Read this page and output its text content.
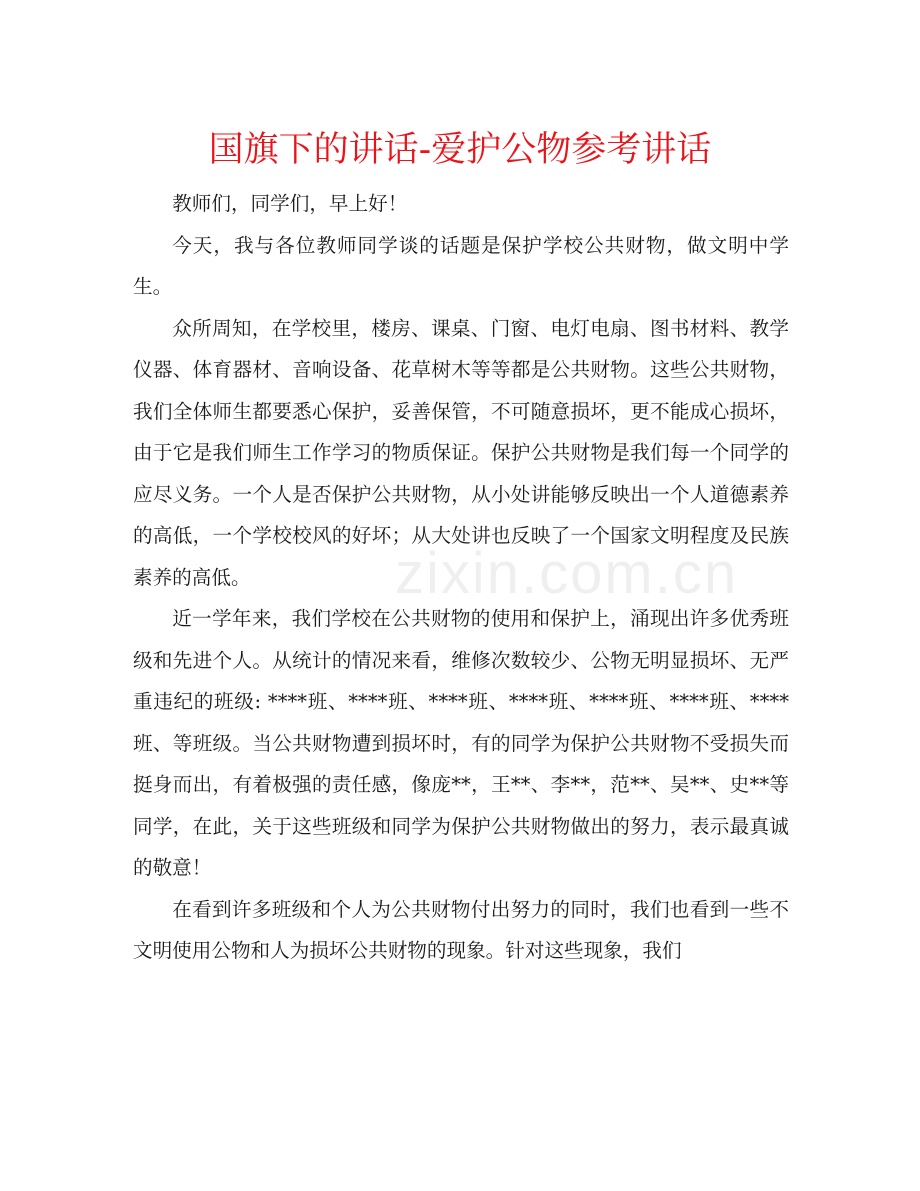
zixin.com.cn
国旗下的讲话-爱护公物参考讲话

教师们，同学们，早上好！

今天，我与各位教师同学谈的话题是保护学校公共财物，做文明中学生。

众所周知，在学校里，楼房、课桌、门窗、电灯电扇、图书材料、教学仪器、体育器材、音响设备、花草树木等等都是公共财物。这些公共财物，我们全体师生都要悉心保护，妥善保管，不可随意损坏，更不能成心损坏，由于它是我们师生工作学习的物质保证。保护公共财物是我们每一个同学的应尽义务。一个人是否保护公共财物，从小处讲能够反映出一个人道德素养的高低，一个学校校风的好坏；从大处讲也反映了一个国家文明程度及民族素养的高低。

近一学年来，我们学校在公共财物的使用和保护上，涌现出许多优秀班级和先进个人。从统计的情况来看，维修次数较少、公物无明显损坏、无严重违纪的班级: ****班、****班、****班、****班、****班、****班、****班、等班级。当公共财物遭到损坏时，有的同学为保护公共财物不受损失而挺身而出，有着极强的责任感，像庞**，王**、李**，范**、吴**、史**等同学，在此，关于这些班级和同学为保护公共财物做出的努力，表示最真诚的敬意！

在看到许多班级和个人为公共财物付出努力的同时，我们也看到一些不文明使用公物和人为损坏公共财物的现象。针对这些现象，我们
